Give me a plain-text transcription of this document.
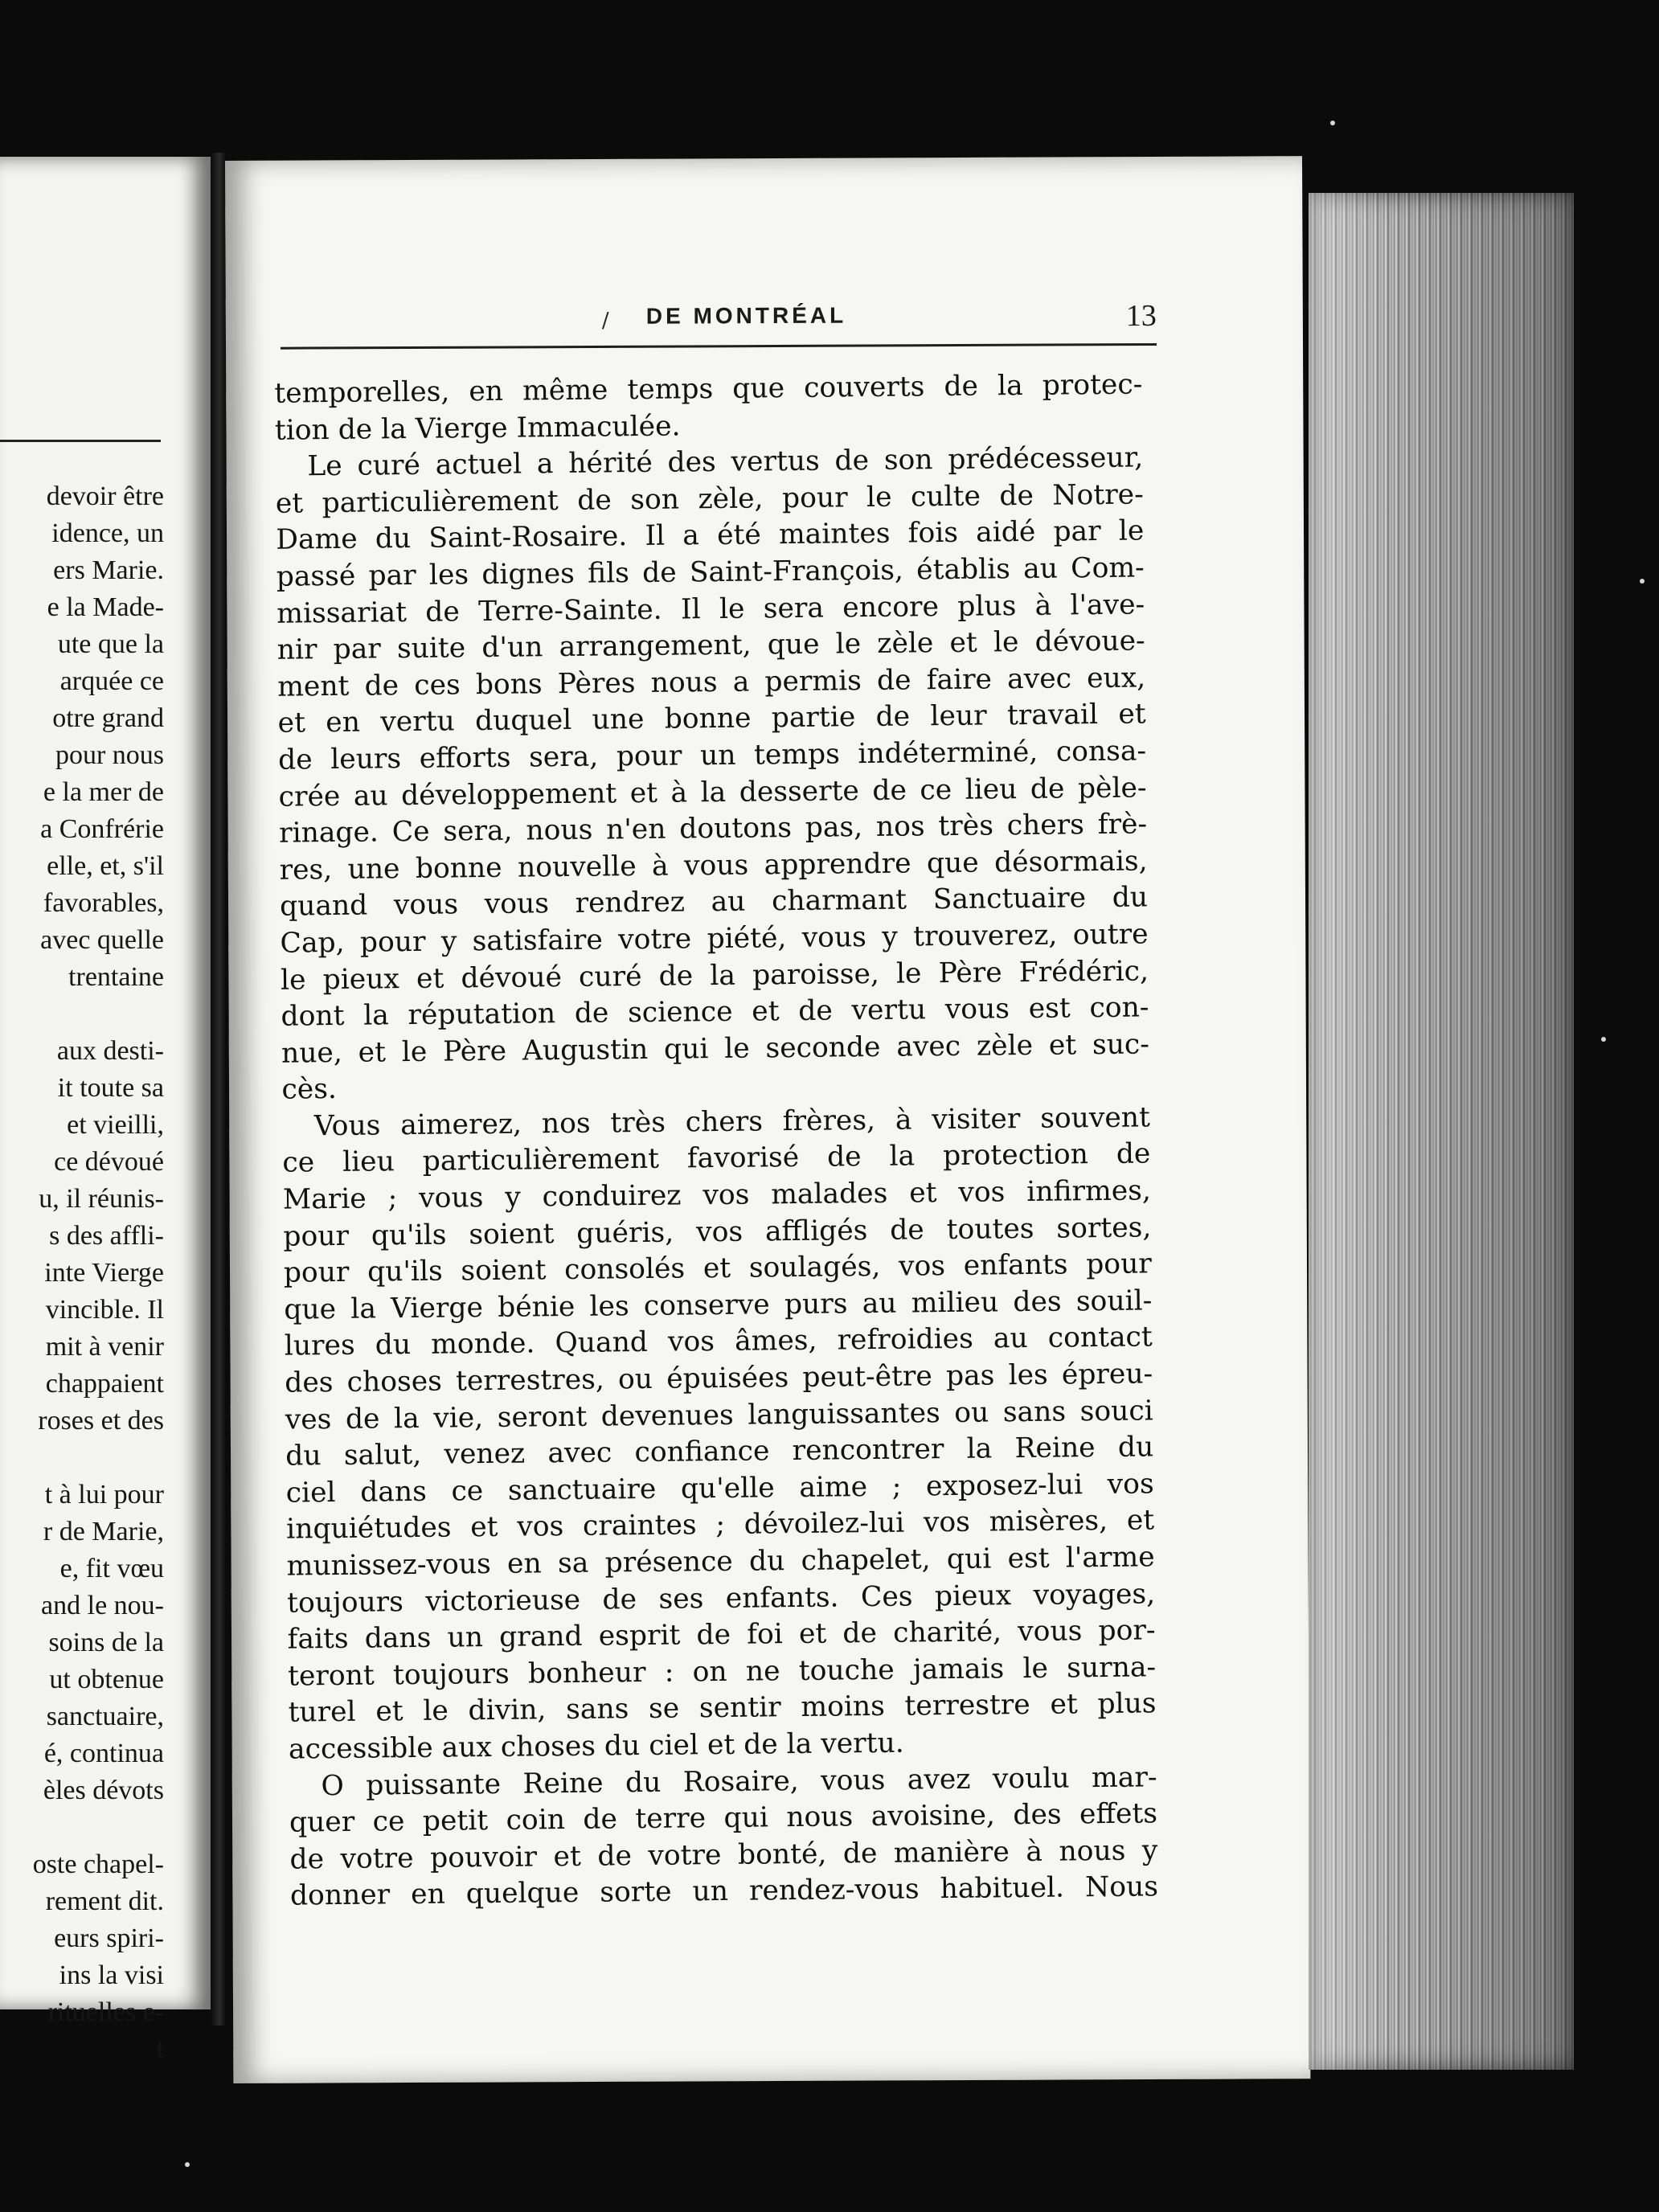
devoir être
idence, un
ers Marie.
e la Made-
ute que la
arquée ce
otre grand
pour nous
e la mer de
a Confrérie
elle, et, s'il
favorables,
avec quelle
trentaine
aux desti-
it toute sa
et vieilli,
ce dévoué
u, il réunis-
s des affli-
inte Vierge
vincible. Il
mit à venir
chappaient
roses et des
t à lui pour
r de Marie,
e, fit vœu
and le nou-
soins de la
ut obtenue
sanctuaire,
é, continua
èles dévots
oste chapel-
rement dit.
eurs spiri-
ins la visi
rituelles e-
t
/ DE MONTRÉAL	13
temporelles, en même temps que couverts de la protec-
tion de la Vierge Immaculée.
Le curé actuel a hérité des vertus de son prédécesseur,
et particulièrement de son zèle, pour le culte de Notre-
Dame du Saint-Rosaire. Il a été maintes fois aidé par le
passé par les dignes fils de Saint-François, établis au Com-
missariat de Terre-Sainte. Il le sera encore plus à l'ave-
nir par suite d'un arrangement, que le zèle et le dévoue-
ment de ces bons Pères nous a permis de faire avec eux,
et en vertu duquel une bonne partie de leur travail et
de leurs efforts sera, pour un temps indéterminé, consa-
crée au développement et à la desserte de ce lieu de pèle-
rinage. Ce sera, nous n'en doutons pas, nos très chers frè-
res, une bonne nouvelle à vous apprendre que désormais,
quand vous vous rendrez au charmant Sanctuaire du
Cap, pour y satisfaire votre piété, vous y trouverez, outre
le pieux et dévoué curé de la paroisse, le Père Frédéric,
dont la réputation de science et de vertu vous est con-
nue, et le Père Augustin qui le seconde avec zèle et suc-
cès.
Vous aimerez, nos très chers frères, à visiter souvent
ce lieu particulièrement favorisé de la protection de
Marie ; vous y conduirez vos malades et vos infirmes,
pour qu'ils soient guéris, vos affligés de toutes sortes,
pour qu'ils soient consolés et soulagés, vos enfants pour
que la Vierge bénie les conserve purs au milieu des souil-
lures du monde. Quand vos âmes, refroidies au contact
des choses terrestres, ou épuisées peut-être pas les épreu-
ves de la vie, seront devenues languissantes ou sans souci
du salut, venez avec confiance rencontrer la Reine du
ciel dans ce sanctuaire qu'elle aime ; exposez-lui vos
inquiétudes et vos craintes ; dévoilez-lui vos misères, et
munissez-vous en sa présence du chapelet, qui est l'arme
toujours victorieuse de ses enfants. Ces pieux voyages,
faits dans un grand esprit de foi et de charité, vous por-
teront toujours bonheur : on ne touche jamais le surna-
turel et le divin, sans se sentir moins terrestre et plus
accessible aux choses du ciel et de la vertu.
O puissante Reine du Rosaire, vous avez voulu mar-
quer ce petit coin de terre qui nous avoisine, des effets
de votre pouvoir et de votre bonté, de manière à nous y
donner en quelque sorte un rendez-vous habituel. Nous
